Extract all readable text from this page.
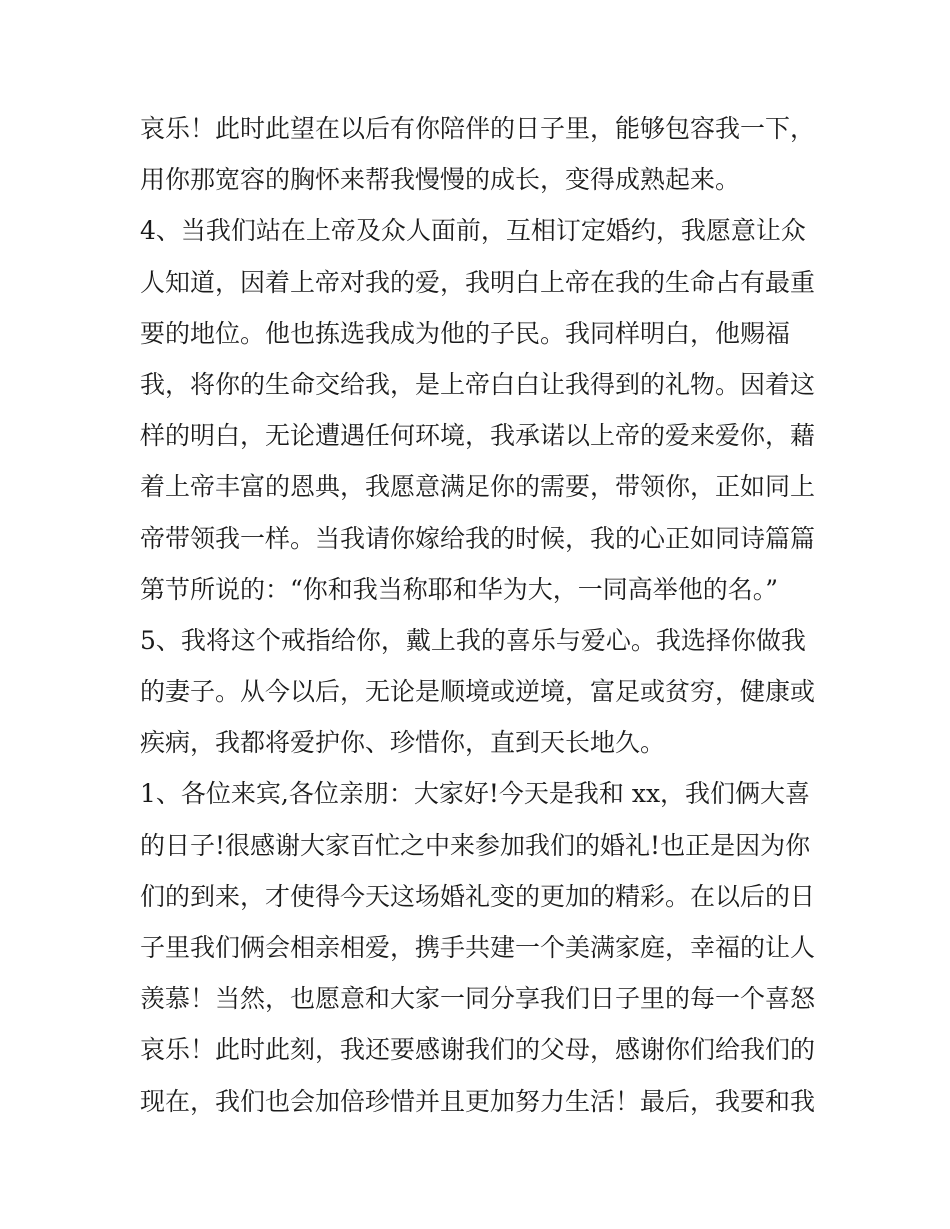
哀乐！此时此望在以后有你陪伴的日子里，能够包容我一下，
用你那宽容的胸怀来帮我慢慢的成长，变得成熟起来。
4、当我们站在上帝及众人面前，互相订定婚约，我愿意让众
人知道，因着上帝对我的爱，我明白上帝在我的生命占有最重
要的地位。他也拣选我成为他的子民。我同样明白，他赐福
我，将你的生命交给我，是上帝白白让我得到的礼物。因着这
样的明白，无论遭遇任何环境，我承诺以上帝的爱来爱你，藉
着上帝丰富的恩典，我愿意满足你的需要，带领你，正如同上
帝带领我一样。当我请你嫁给我的时候，我的心正如同诗篇篇
第节所说的：“你和我当称耶和华为大，一同高举他的名。”
5、我将这个戒指给你，戴上我的喜乐与爱心。我选择你做我
的妻子。从今以后，无论是顺境或逆境，富足或贫穷，健康或
疾病，我都将爱护你、珍惜你，直到天长地久。
1、各位来宾,各位亲朋：大家好!今天是我和 xx，我们俩大喜
的日子!很感谢大家百忙之中来参加我们的婚礼!也正是因为你
们的到来，才使得今天这场婚礼变的更加的精彩。在以后的日
子里我们俩会相亲相爱，携手共建一个美满家庭，幸福的让人
羡慕！当然，也愿意和大家一同分享我们日子里的每一个喜怒
哀乐！此时此刻，我还要感谢我们的父母，感谢你们给我们的
现在，我们也会加倍珍惜并且更加努力生活！最后，我要和我
